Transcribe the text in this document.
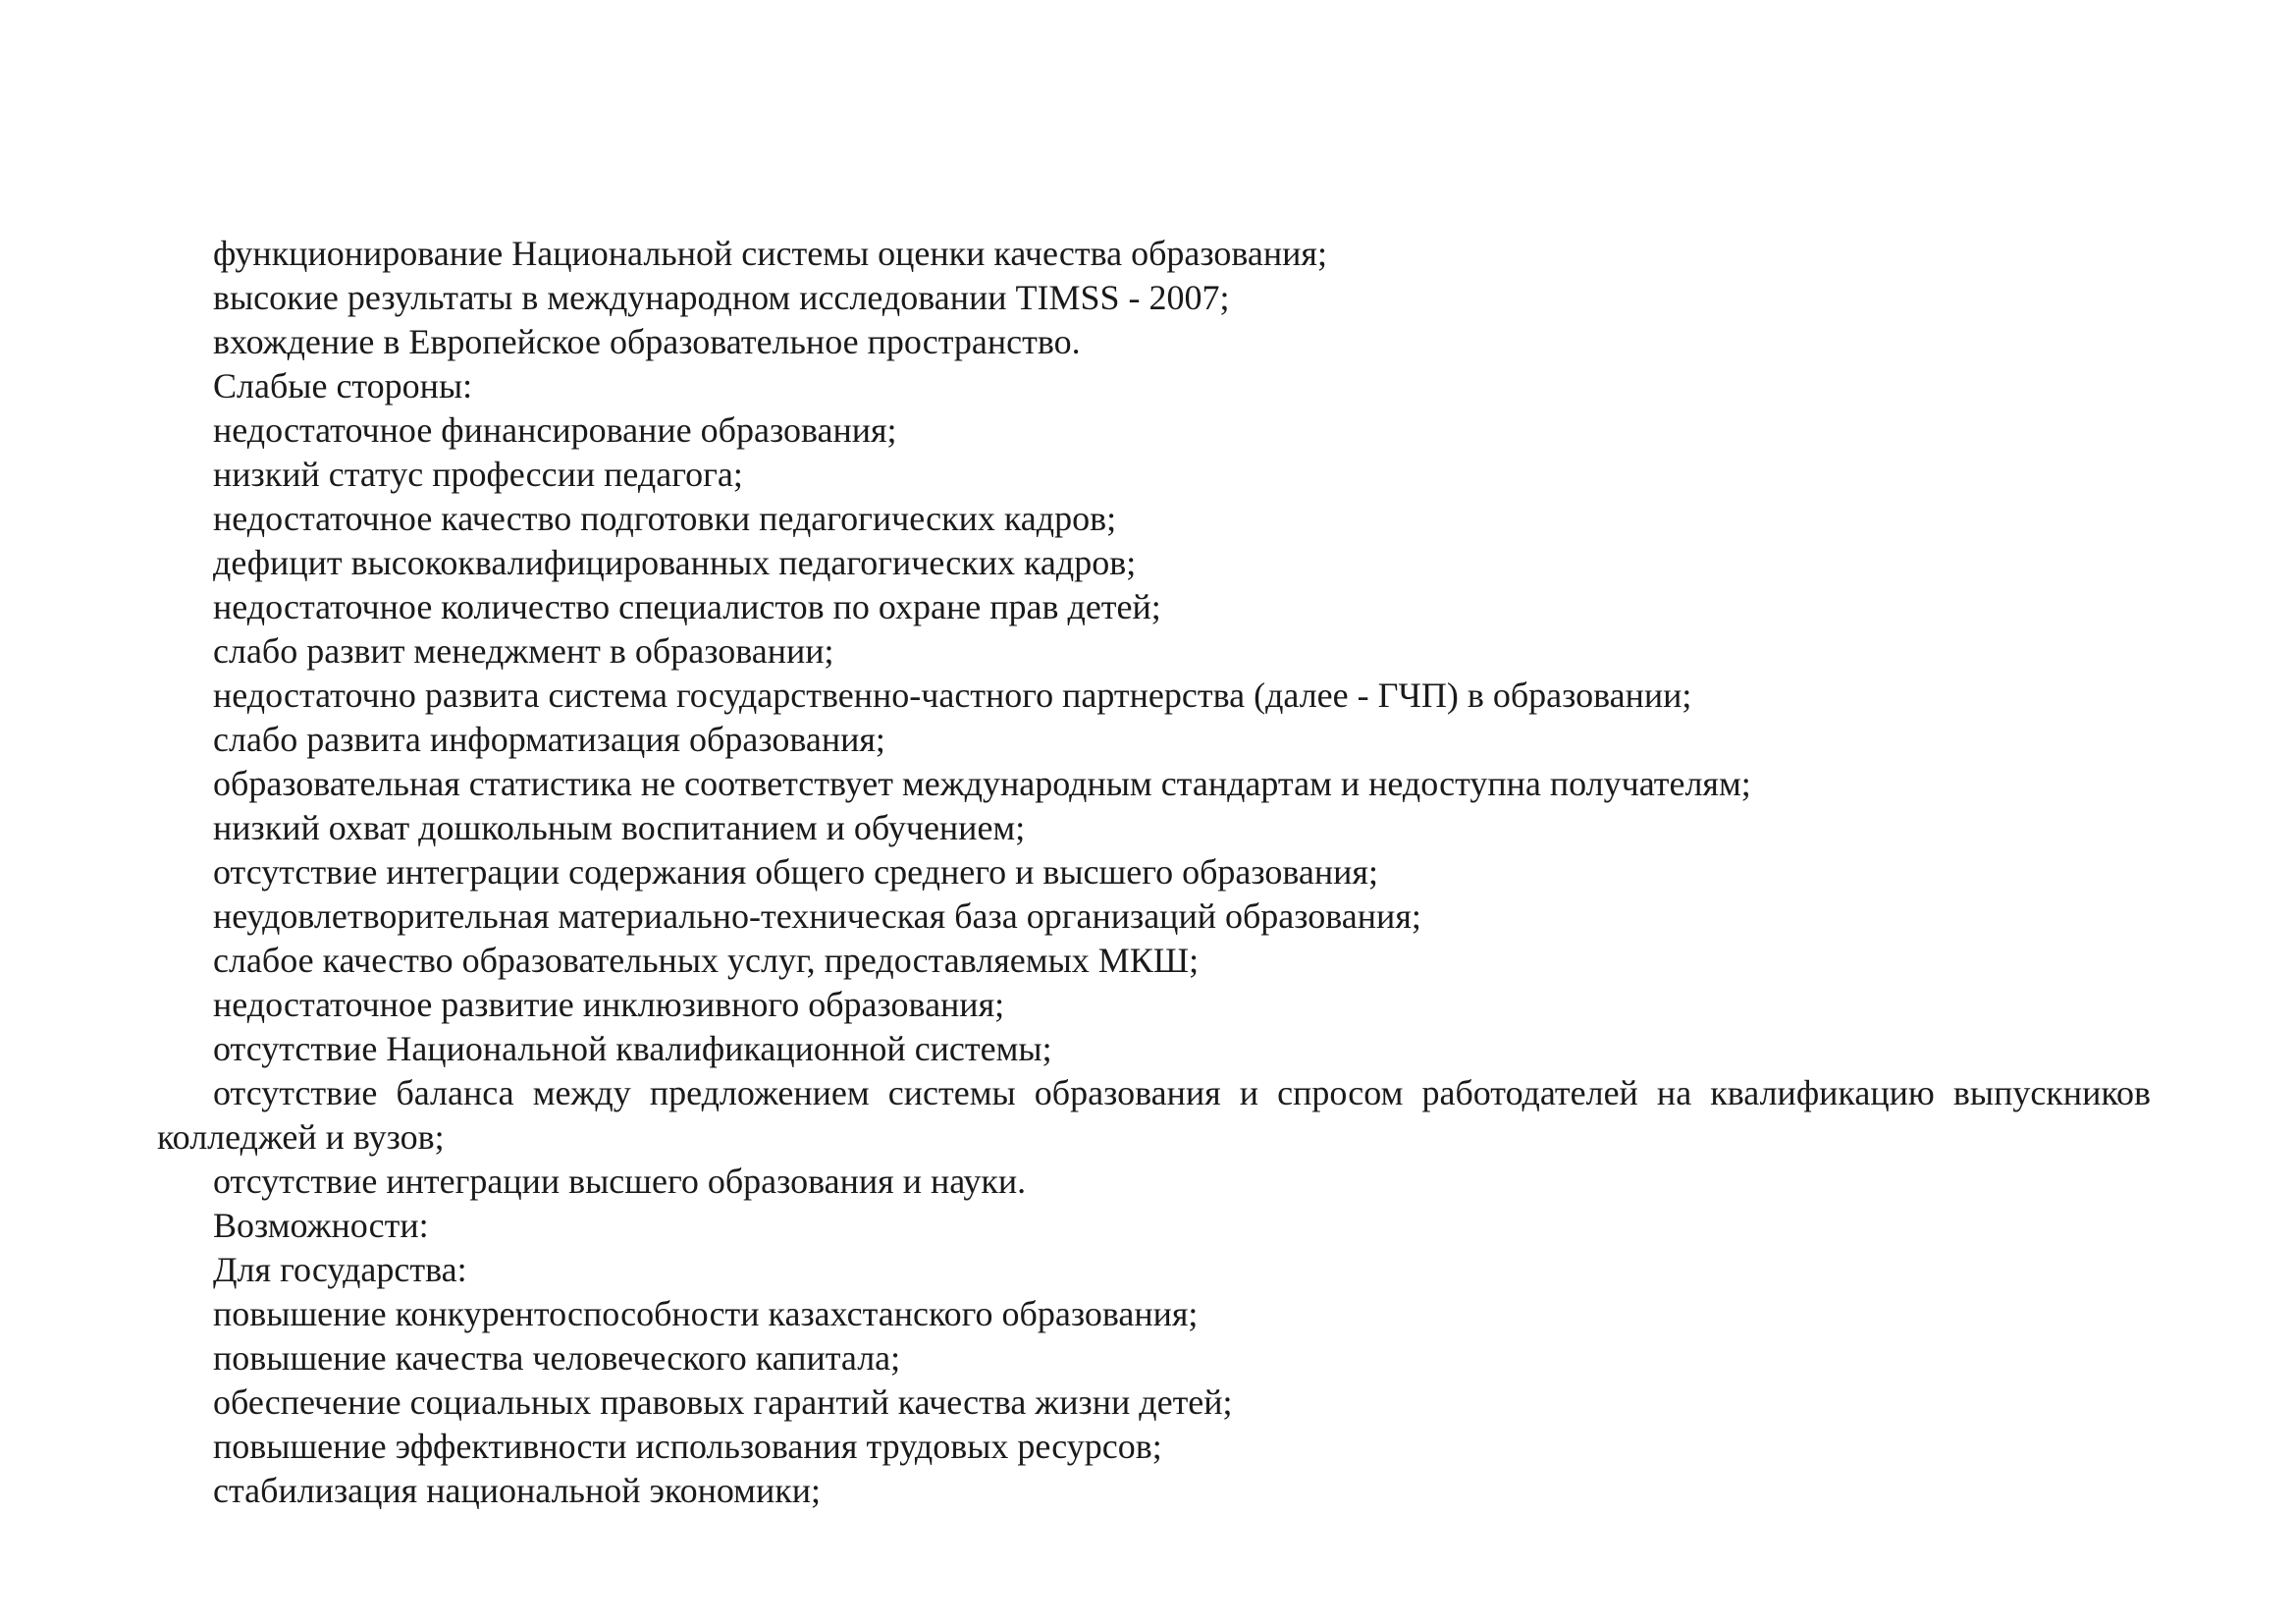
функционирование Национальной системы оценки качества образования;

высокие результаты в международном исследовании TIMSS - 2007;

вхождение в Европейское образовательное пространство.

Слабые стороны:

недостаточное финансирование образования;

низкий статус профессии педагога;

недостаточное качество подготовки педагогических кадров;

дефицит высококвалифицированных педагогических кадров;

недостаточное количество специалистов по охране прав детей;

слабо развит менеджмент в образовании;

недостаточно развита система государственно-частного партнерства (далее - ГЧП) в образовании;

слабо развита информатизация образования;

образовательная статистика не соответствует международным стандартам и недоступна получателям;

низкий охват дошкольным воспитанием и обучением;

отсутствие интеграции содержания общего среднего и высшего образования;

неудовлетворительная материально-техническая база организаций образования;

слабое качество образовательных услуг, предоставляемых МКШ;

недостаточное развитие инклюзивного образования;

отсутствие Национальной квалификационной системы;

отсутствие баланса между предложением системы образования и спросом работодателей на квалификацию выпускников колледжей и вузов;

отсутствие интеграции высшего образования и науки.

Возможности:

Для государства:

повышение конкурентоспособности казахстанского образования;

повышение качества человеческого капитала;

обеспечение социальных правовых гарантий качества жизни детей;

повышение эффективности использования трудовых ресурсов;

стабилизация национальной экономики;
